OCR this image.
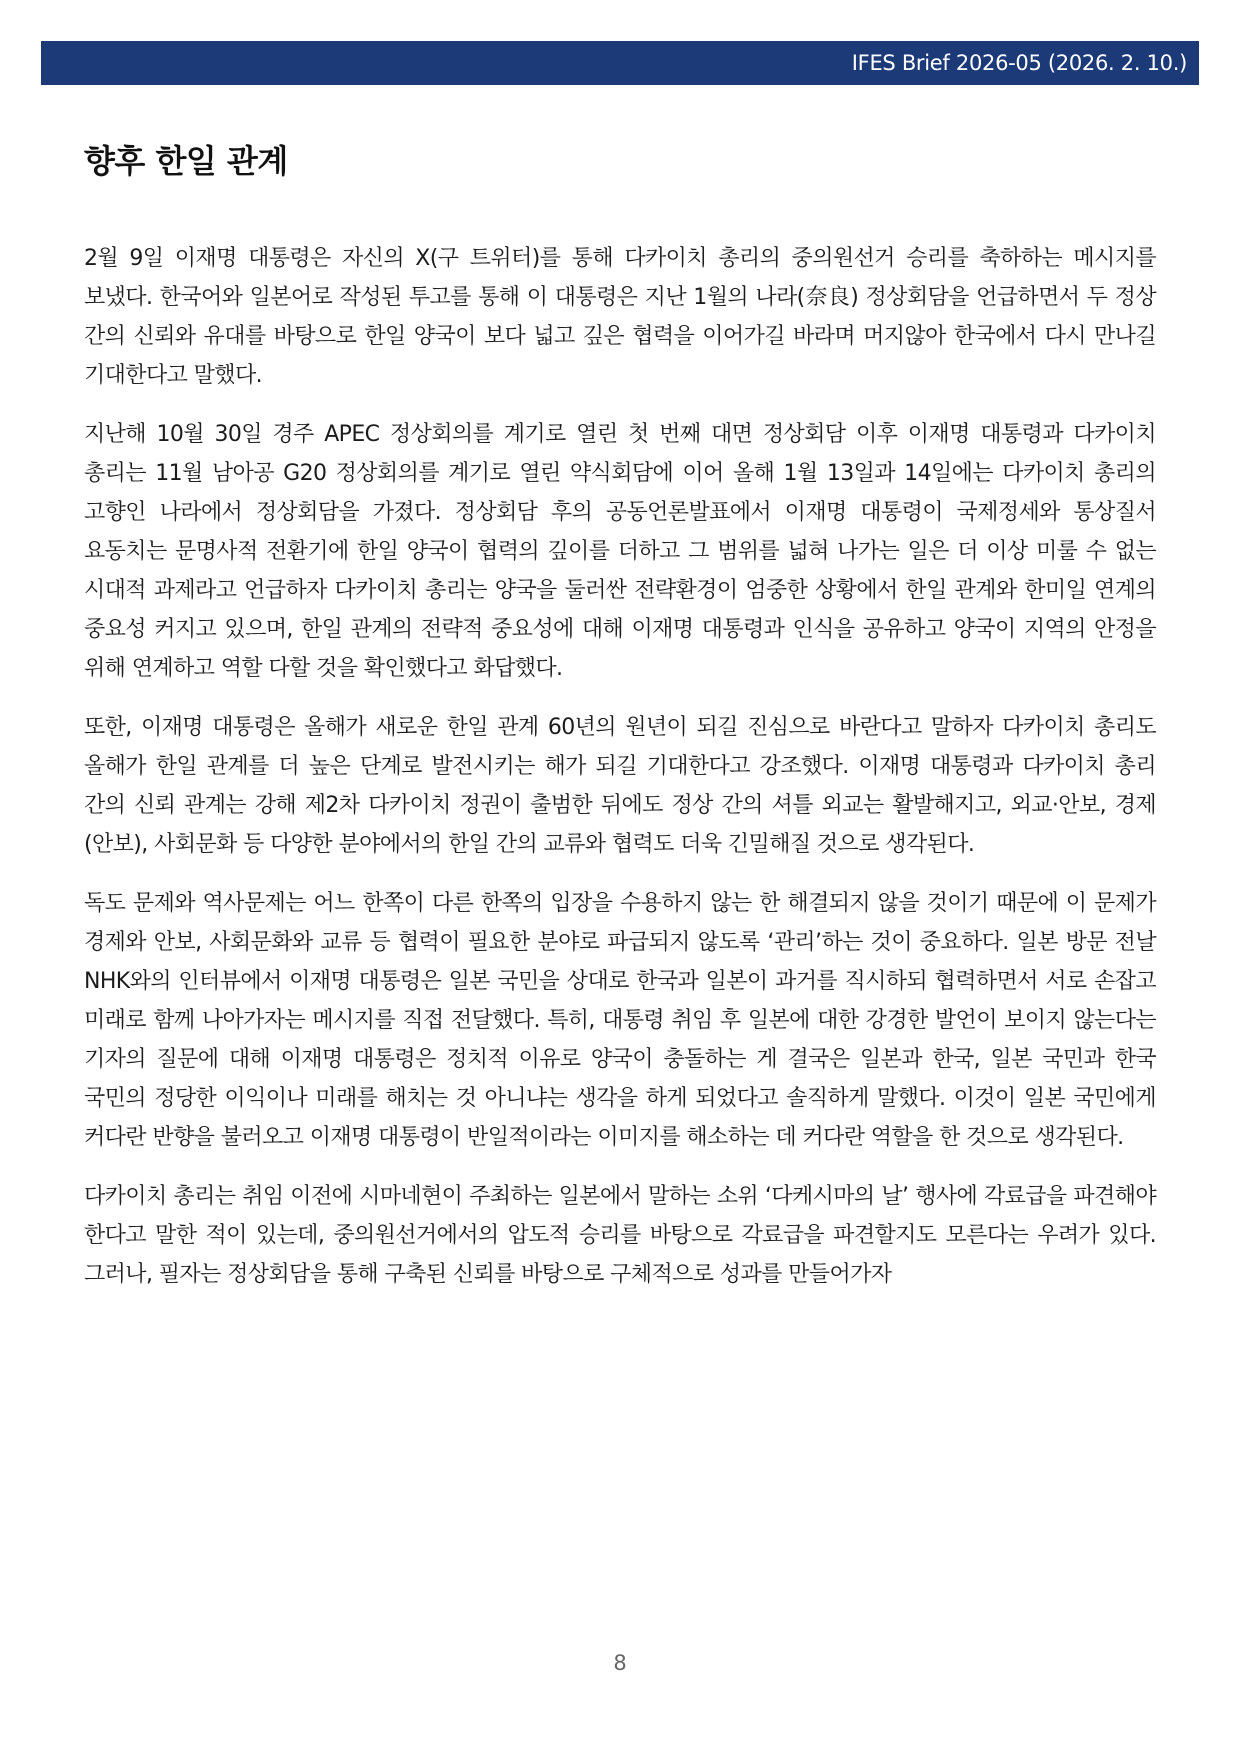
IFES Brief 2026-05 (2026. 2. 10.)
향후 한일 관계

2월 9일 이재명 대통령은 자신의 X(구 트위터)를 통해 다카이치 총리의 중의원선거 승리를 축하하는 메시지를 보냈다. 한국어와 일본어로 작성된 투고를 통해 이 대통령은 지난 1월의 나라(奈良) 정상회담을 언급하면서 두 정상 간의 신뢰와 유대를 바탕으로 한일 양국이 보다 넓고 깊은 협력을 이어가길 바라며 머지않아 한국에서 다시 만나길 기대한다고 말했다.

지난해 10월 30일 경주 APEC 정상회의를 계기로 열린 첫 번째 대면 정상회담 이후 이재명 대통령과 다카이치 총리는 11월 남아공 G20 정상회의를 계기로 열린 약식회담에 이어 올해 1월 13일과 14일에는 다카이치 총리의 고향인 나라에서 정상회담을 가졌다. 정상회담 후의 공동언론발표에서 이재명 대통령이 국제정세와 통상질서 요동치는 문명사적 전환기에 한일 양국이 협력의 깊이를 더하고 그 범위를 넓혀 나가는 일은 더 이상 미룰 수 없는 시대적 과제라고 언급하자 다카이치 총리는 양국을 둘러싼 전략환경이 엄중한 상황에서 한일 관계와 한미일 연계의 중요성 커지고 있으며, 한일 관계의 전략적 중요성에 대해 이재명 대통령과 인식을 공유하고 양국이 지역의 안정을 위해 연계하고 역할 다할 것을 확인했다고 화답했다.

또한, 이재명 대통령은 올해가 새로운 한일 관계 60년의 원년이 되길 진심으로 바란다고 말하자 다카이치 총리도 올해가 한일 관계를 더 높은 단계로 발전시키는 해가 되길 기대한다고 강조했다. 이재명 대통령과 다카이치 총리 간의 신뢰 관계는 강해 제2차 다카이치 정권이 출범한 뒤에도 정상 간의 셔틀 외교는 활발해지고, 외교·안보, 경제(안보), 사회문화 등 다양한 분야에서의 한일 간의 교류와 협력도 더욱 긴밀해질 것으로 생각된다.

독도 문제와 역사문제는 어느 한쪽이 다른 한쪽의 입장을 수용하지 않는 한 해결되지 않을 것이기 때문에 이 문제가 경제와 안보, 사회문화와 교류 등 협력이 필요한 분야로 파급되지 않도록 ‘관리’하는 것이 중요하다. 일본 방문 전날 NHK와의 인터뷰에서 이재명 대통령은 일본 국민을 상대로 한국과 일본이 과거를 직시하되 협력하면서 서로 손잡고 미래로 함께 나아가자는 메시지를 직접 전달했다. 특히, 대통령 취임 후 일본에 대한 강경한 발언이 보이지 않는다는 기자의 질문에 대해 이재명 대통령은 정치적 이유로 양국이 충돌하는 게 결국은 일본과 한국, 일본 국민과 한국 국민의 정당한 이익이나 미래를 해치는 것 아니냐는 생각을 하게 되었다고 솔직하게 말했다. 이것이 일본 국민에게 커다란 반향을 불러오고 이재명 대통령이 반일적이라는 이미지를 해소하는 데 커다란 역할을 한 것으로 생각된다.

다카이치 총리는 취임 이전에 시마네현이 주최하는 일본에서 말하는 소위 ‘다케시마의 날’ 행사에 각료급을 파견해야 한다고 말한 적이 있는데, 중의원선거에서의 압도적 승리를 바탕으로 각료급을 파견할지도 모른다는 우려가 있다. 그러나, 필자는 정상회담을 통해 구축된 신뢰를 바탕으로 구체적으로 성과를 만들어가자

8
